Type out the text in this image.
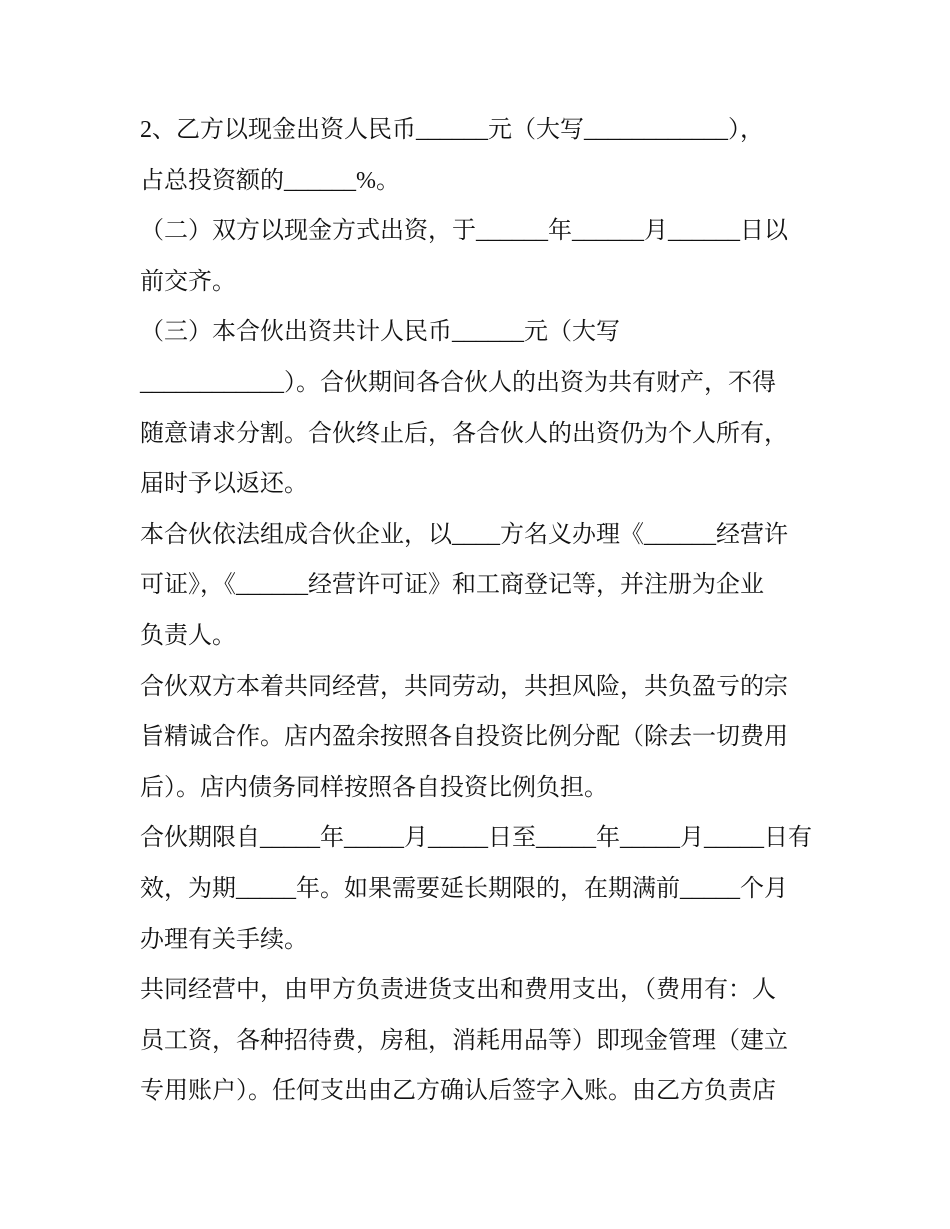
2、乙方以现金出资人民币______元（大写____________），
占总投资额的______%。
（二）双方以现金方式出资，于______年______月______日以
前交齐。
（三）本合伙出资共计人民币______元（大写
____________）。合伙期间各合伙人的出资为共有财产，不得
随意请求分割。合伙终止后，各合伙人的出资仍为个人所有，
届时予以返还。
本合伙依法组成合伙企业，以____方名义办理《______经营许
可证》，《______经营许可证》和工商登记等，并注册为企业
负责人。
合伙双方本着共同经营，共同劳动，共担风险，共负盈亏的宗
旨精诚合作。店内盈余按照各自投资比例分配（除去一切费用
后）。店内债务同样按照各自投资比例负担。
合伙期限自_____年_____月_____日至_____年_____月_____日有
效，为期_____年。如果需要延长期限的，在期满前_____个月
办理有关手续。
共同经营中，由甲方负责进货支出和费用支出，（费用有：人
员工资，各种招待费，房租，消耗用品等）即现金管理（建立
专用账户）。任何支出由乙方确认后签字入账。由乙方负责店
